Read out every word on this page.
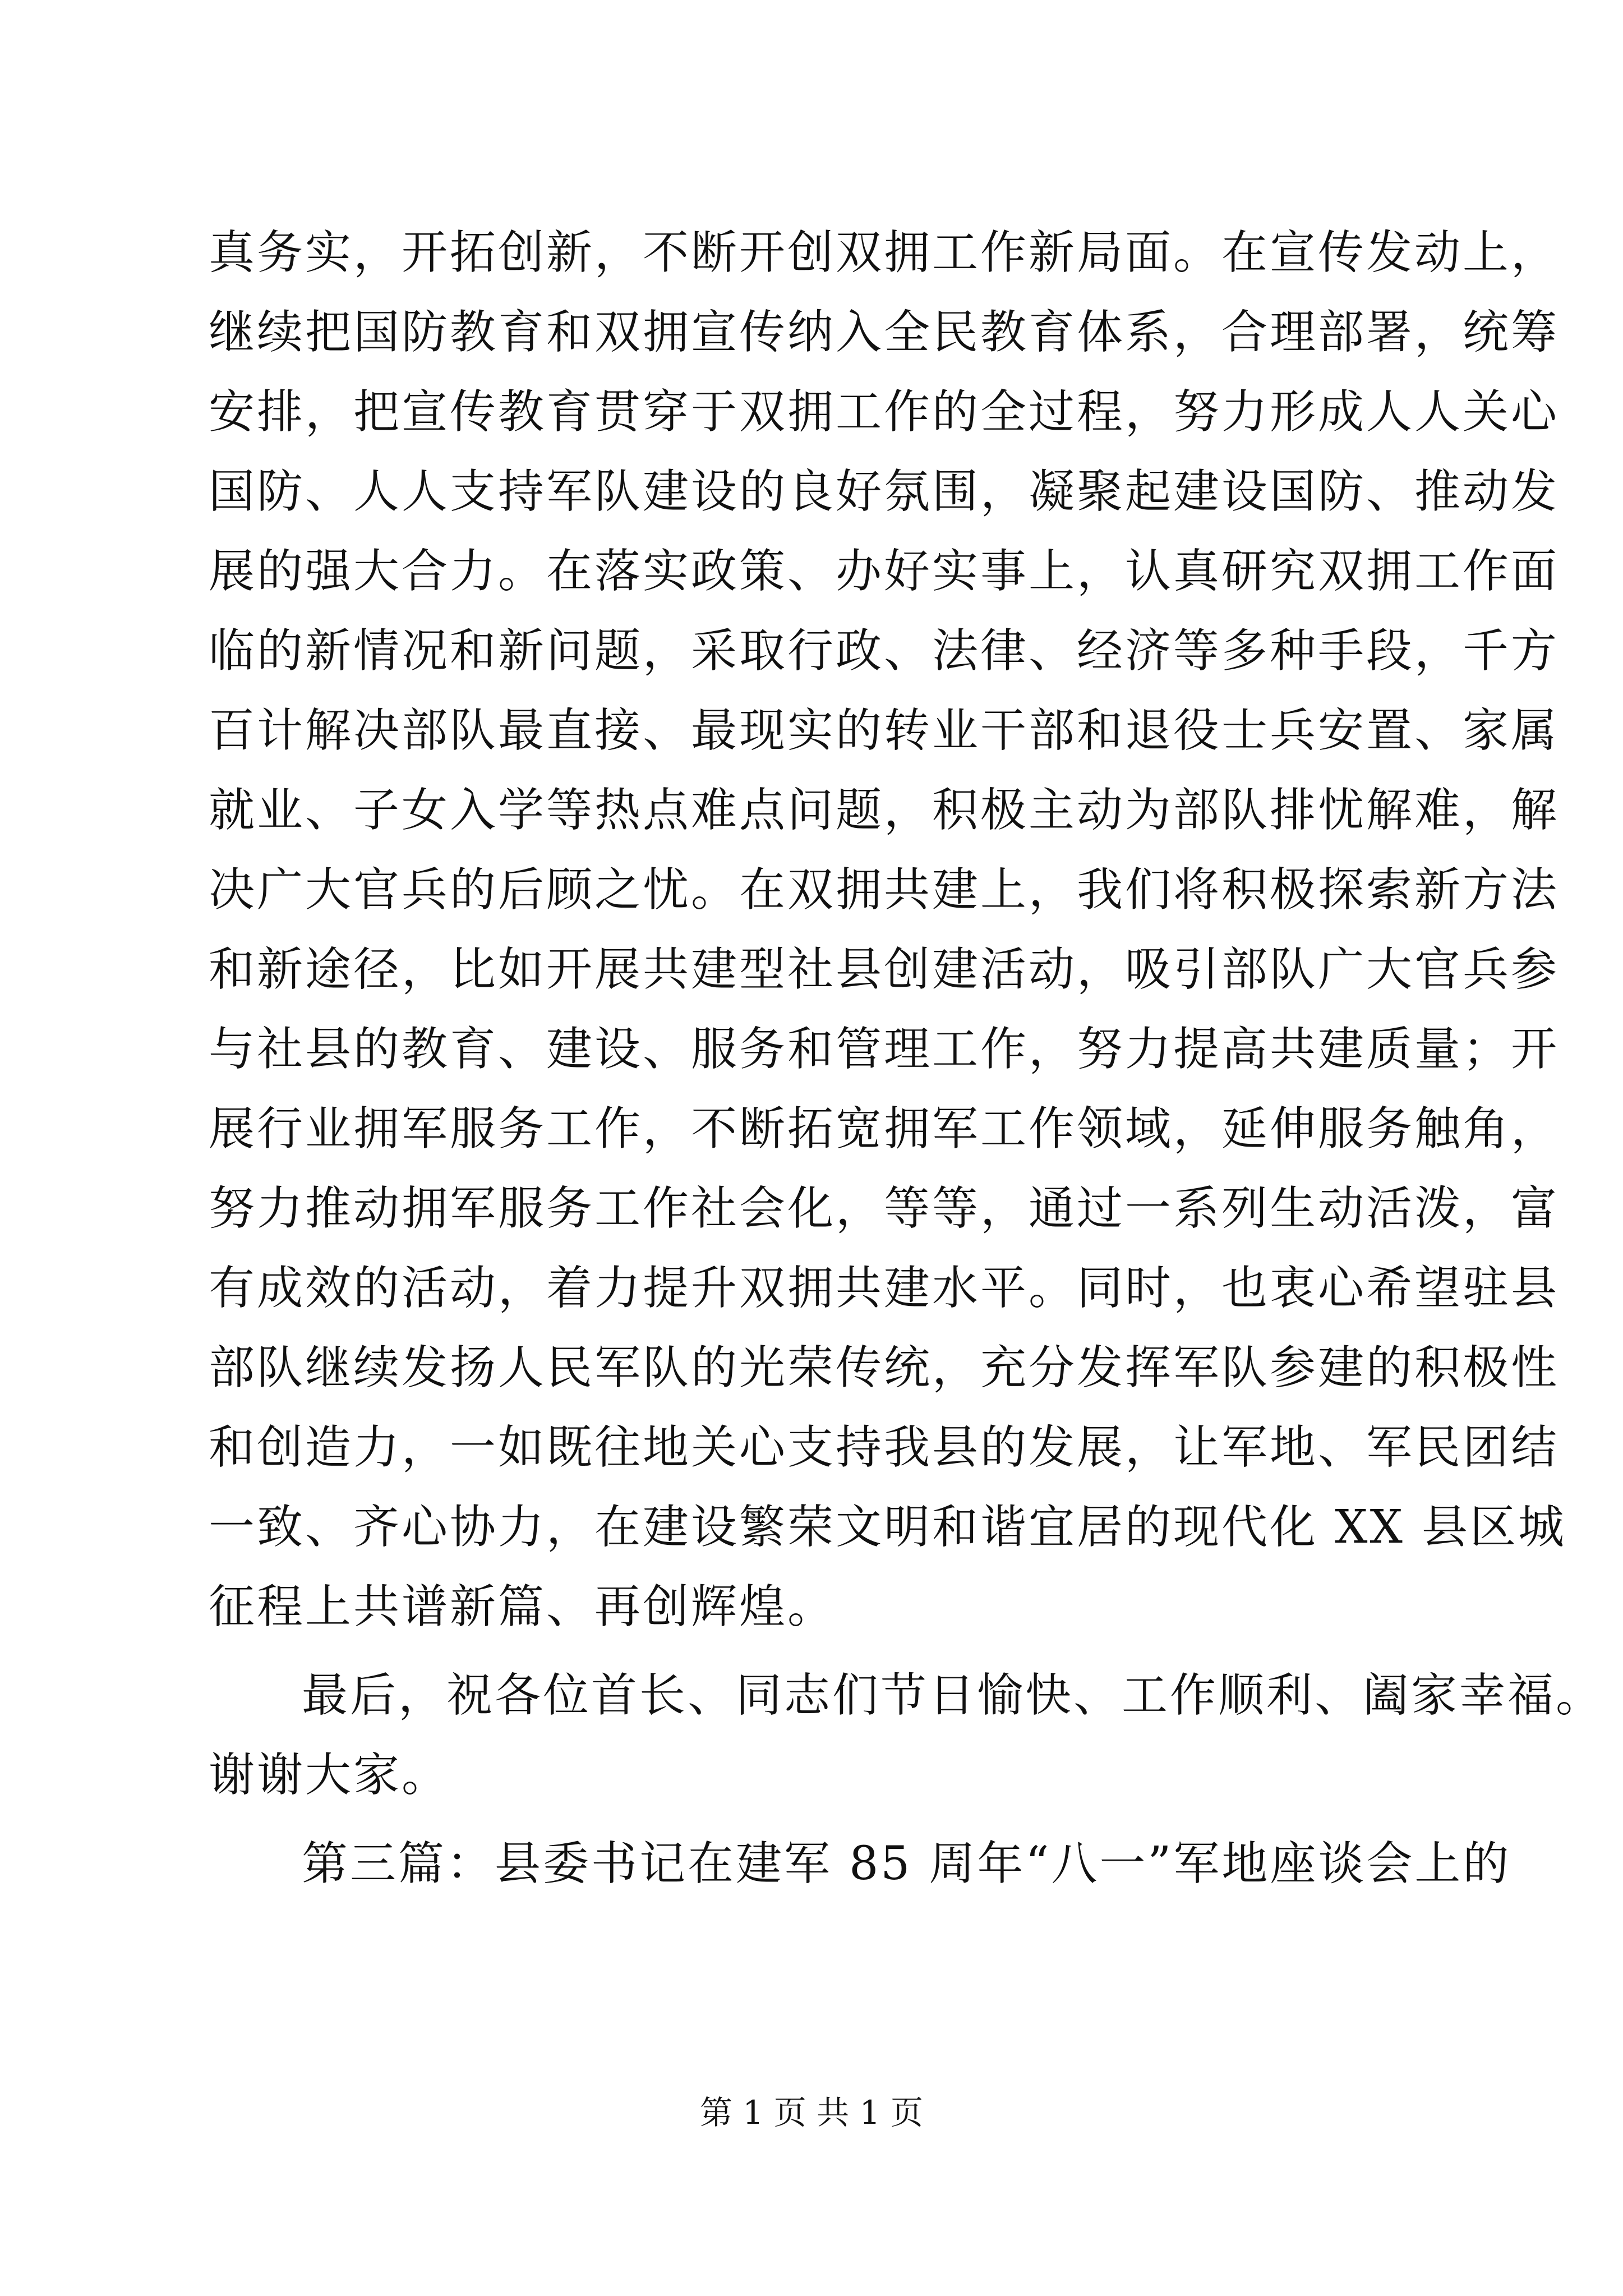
真务实，开拓创新，不断开创双拥工作新局面。在宣传发动上，
继续把国防教育和双拥宣传纳入全民教育体系，合理部署，统筹
安排，把宣传教育贯穿于双拥工作的全过程，努力形成人人关心
国防、人人支持军队建设的良好氛围，凝聚起建设国防、推动发
展的强大合力。在落实政策、办好实事上，认真研究双拥工作面
临的新情况和新问题，采取行政、法律、经济等多种手段，千方
百计解决部队最直接、最现实的转业干部和退役士兵安置、家属
就业、子女入学等热点难点问题，积极主动为部队排忧解难，解
决广大官兵的后顾之忧。在双拥共建上，我们将积极探索新方法
和新途径，比如开展共建型社县创建活动，吸引部队广大官兵参
与社县的教育、建设、服务和管理工作，努力提高共建质量；开
展行业拥军服务工作，不断拓宽拥军工作领域，延伸服务触角，
努力推动拥军服务工作社会化，等等，通过一系列生动活泼，富
有成效的活动，着力提升双拥共建水平。同时，也衷心希望驻县
部队继续发扬人民军队的光荣传统，充分发挥军队参建的积极性
和创造力，一如既往地关心支持我县的发展，让军地、军民团结
一致、齐心协力，在建设繁荣文明和谐宜居的现代化 XX 县区城
征程上共谱新篇、再创辉煌。
最后，祝各位首长、同志们节日愉快、工作顺利、阖家幸福。
谢谢大家。
第三篇：县委书记在建军 85 周年“八一”军地座谈会上的
第 1 页 共 1 页
